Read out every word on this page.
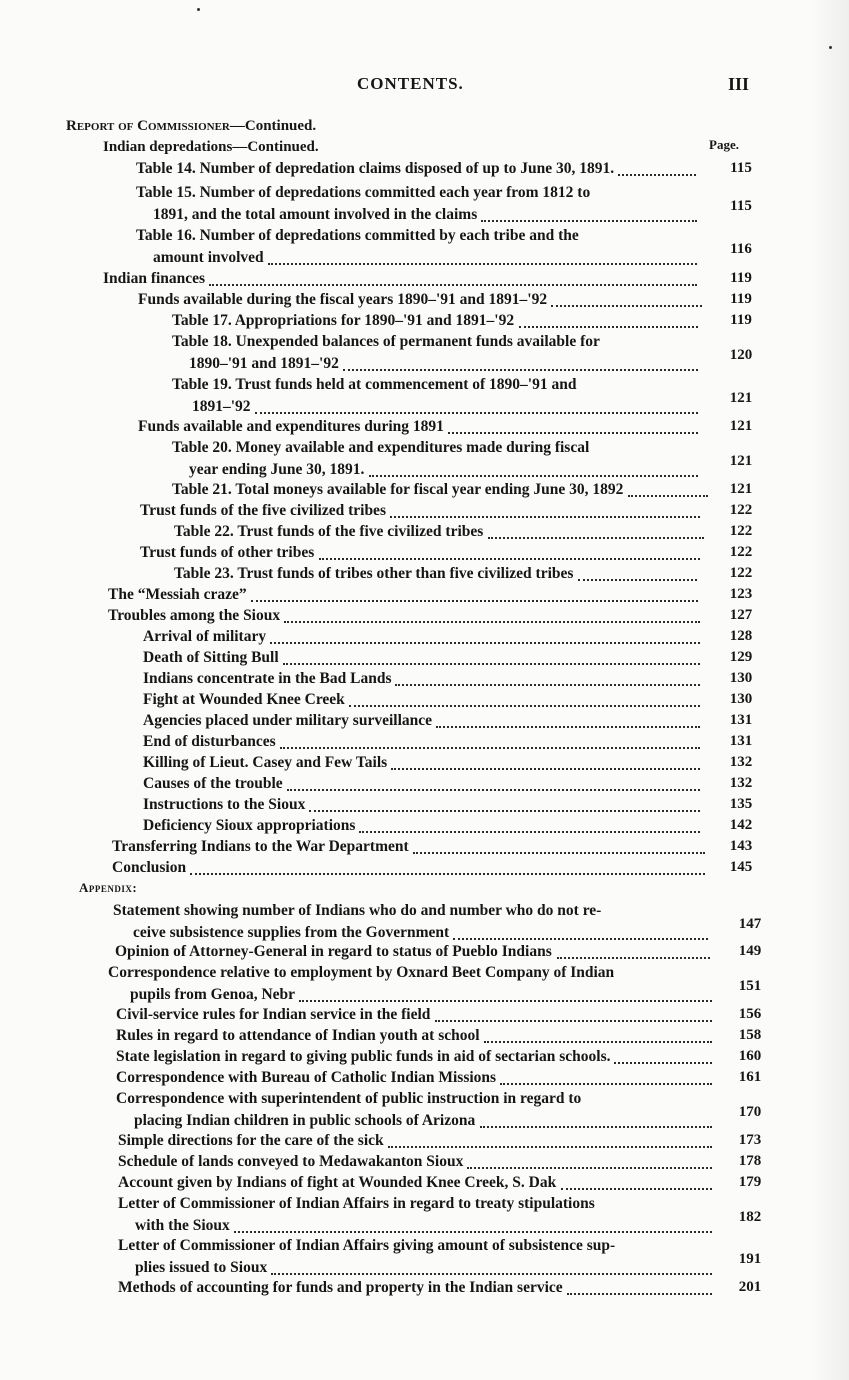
CONTENTS.	III
Report of Commissioner—Continued.
Indian depredations—Continued.	Page.
Table 14. Number of depredation claims disposed of up to June 30, 1891.	115
Table 15. Number of depredations committed each year from 1812 to
1891, and the total amount involved in the claims	115
Table 16. Number of depredations committed by each tribe and the
amount involved	116
Indian finances	119
Funds available during the fiscal years 1890–'91 and 1891–'92	119
Table 17. Appropriations for 1890–'91 and 1891–'92	119
Table 18. Unexpended balances of permanent funds available for
1890–'91 and 1891–'92	120
Table 19. Trust funds held at commencement of 1890–'91 and
1891–'92	121
Funds available and expenditures during 1891	121
Table 20. Money available and expenditures made during fiscal
year ending June 30, 1891.	121
Table 21. Total moneys available for fiscal year ending June 30, 1892	121
Trust funds of the five civilized tribes	122
Table 22. Trust funds of the five civilized tribes	122
Trust funds of other tribes	122
Table 23. Trust funds of tribes other than five civilized tribes	122
The “Messiah craze”	123
Troubles among the Sioux	127
Arrival of military	128
Death of Sitting Bull	129
Indians concentrate in the Bad Lands	130
Fight at Wounded Knee Creek	130
Agencies placed under military surveillance	131
End of disturbances	131
Killing of Lieut. Casey and Few Tails	132
Causes of the trouble	132
Instructions to the Sioux	135
Deficiency Sioux appropriations	142
Transferring Indians to the War Department	143
Conclusion	145
Appendix:
Statement showing number of Indians who do and number who do not re-
ceive subsistence supplies from the Government	147
Opinion of Attorney-General in regard to status of Pueblo Indians	149
Correspondence relative to employment by Oxnard Beet Company of Indian
pupils from Genoa, Nebr	151
Civil-service rules for Indian service in the field	156
Rules in regard to attendance of Indian youth at school	158
State legislation in regard to giving public funds in aid of sectarian schools.	160
Correspondence with Bureau of Catholic Indian Missions	161
Correspondence with superintendent of public instruction in regard to
placing Indian children in public schools of Arizona	170
Simple directions for the care of the sick	173
Schedule of lands conveyed to Medawakanton Sioux	178
Account given by Indians of fight at Wounded Knee Creek, S. Dak	179
Letter of Commissioner of Indian Affairs in regard to treaty stipulations
with the Sioux	182
Letter of Commissioner of Indian Affairs giving amount of subsistence sup-
plies issued to Sioux	191
Methods of accounting for funds and property in the Indian service	201
